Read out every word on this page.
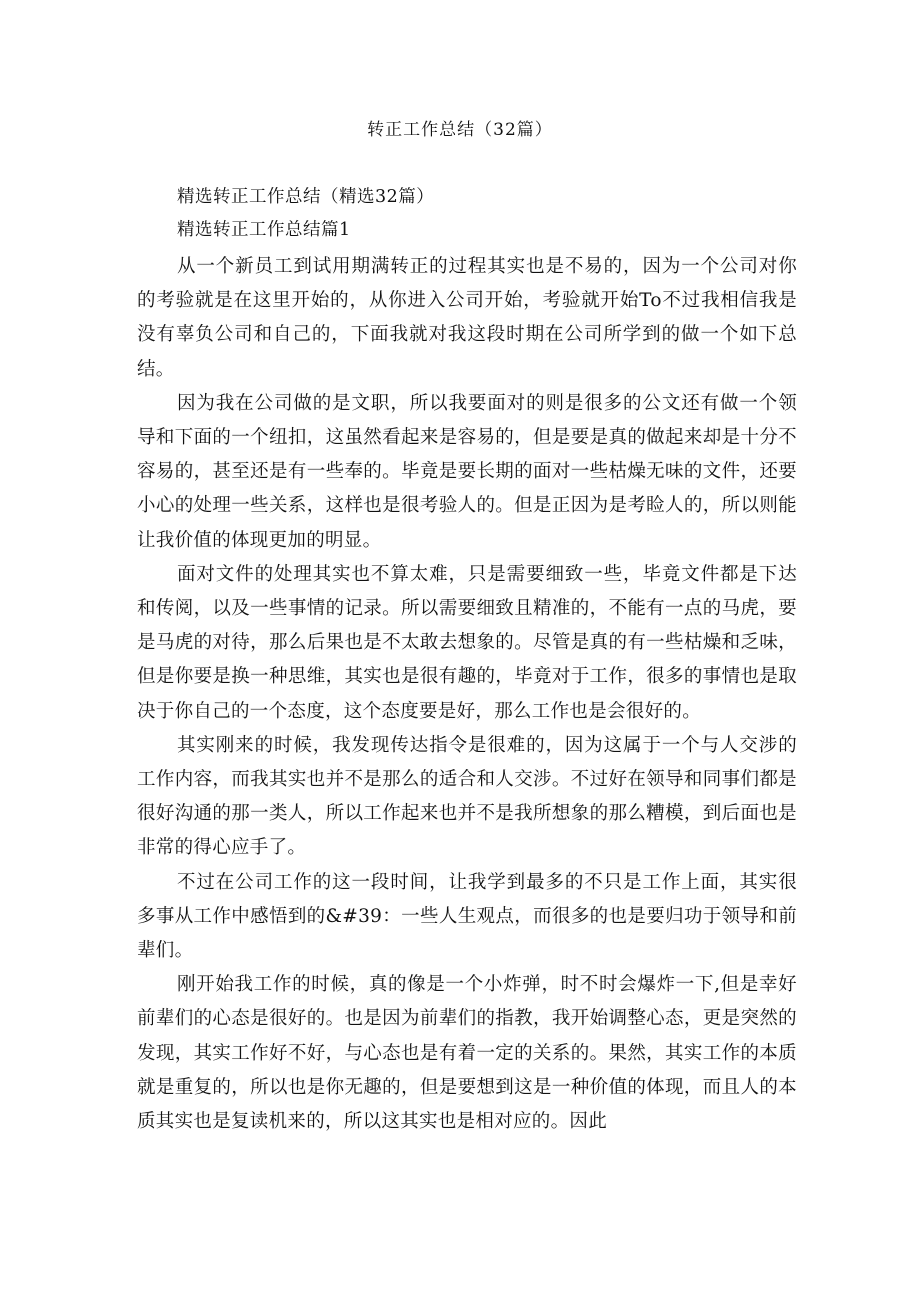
转正工作总结（32篇）
精选转正工作总结（精选32篇）
精选转正工作总结篇1

从一个新员工到试用期满转正的过程其实也是不易的，因为一个公司对你的考验就是在这里开始的，从你进入公司开始，考验就开始To不过我相信我是没有辜负公司和自己的，下面我就对我这段时期在公司所学到的做一个如下总结。

因为我在公司做的是文职，所以我要面对的则是很多的公文还有做一个领导和下面的一个纽扣，这虽然看起来是容易的，但是要是真的做起来却是十分不容易的，甚至还是有一些奉的。毕竟是要长期的面对一些枯燥无味的文件，还要小心的处理一些关系，这样也是很考验人的。但是正因为是考睑人的，所以则能让我价值的体现更加的明显。

面对文件的处理其实也不算太难，只是需要细致一些，毕竟文件都是下达和传阅，以及一些事情的记录。所以需要细致且精准的，不能有一点的马虎，要是马虎的对待，那么后果也是不太敢去想象的。尽管是真的有一些枯燥和乏味，但是你要是换一种思维，其实也是很有趣的，毕竟对于工作，很多的事情也是取决于你自己的一个态度，这个态度要是好，那么工作也是会很好的。

其实刚来的时候，我发现传达指令是很难的，因为这属于一个与人交涉的工作内容，而我其实也并不是那么的适合和人交涉。不过好在领导和同事们都是很好沟通的那一类人，所以工作起来也并不是我所想象的那么糟模，到后面也是非常的得心应手了。

不过在公司工作的这一段时间，让我学到最多的不只是工作上面，其实很多事从工作中感悟到的&#39：一些人生观点，而很多的也是要归功于领导和前辈们。

刚开始我工作的时候，真的像是一个小炸弹，时不时会爆炸一下,但是幸好前辈们的心态是很好的。也是因为前辈们的指教，我开始调整心态，更是突然的发现，其实工作好不好，与心态也是有着一定的关系的。果然，其实工作的本质就是重复的，所以也是你无趣的，但是要想到这是一种价值的体现，而且人的本质其实也是复读机来的，所以这其实也是相对应的。因此
